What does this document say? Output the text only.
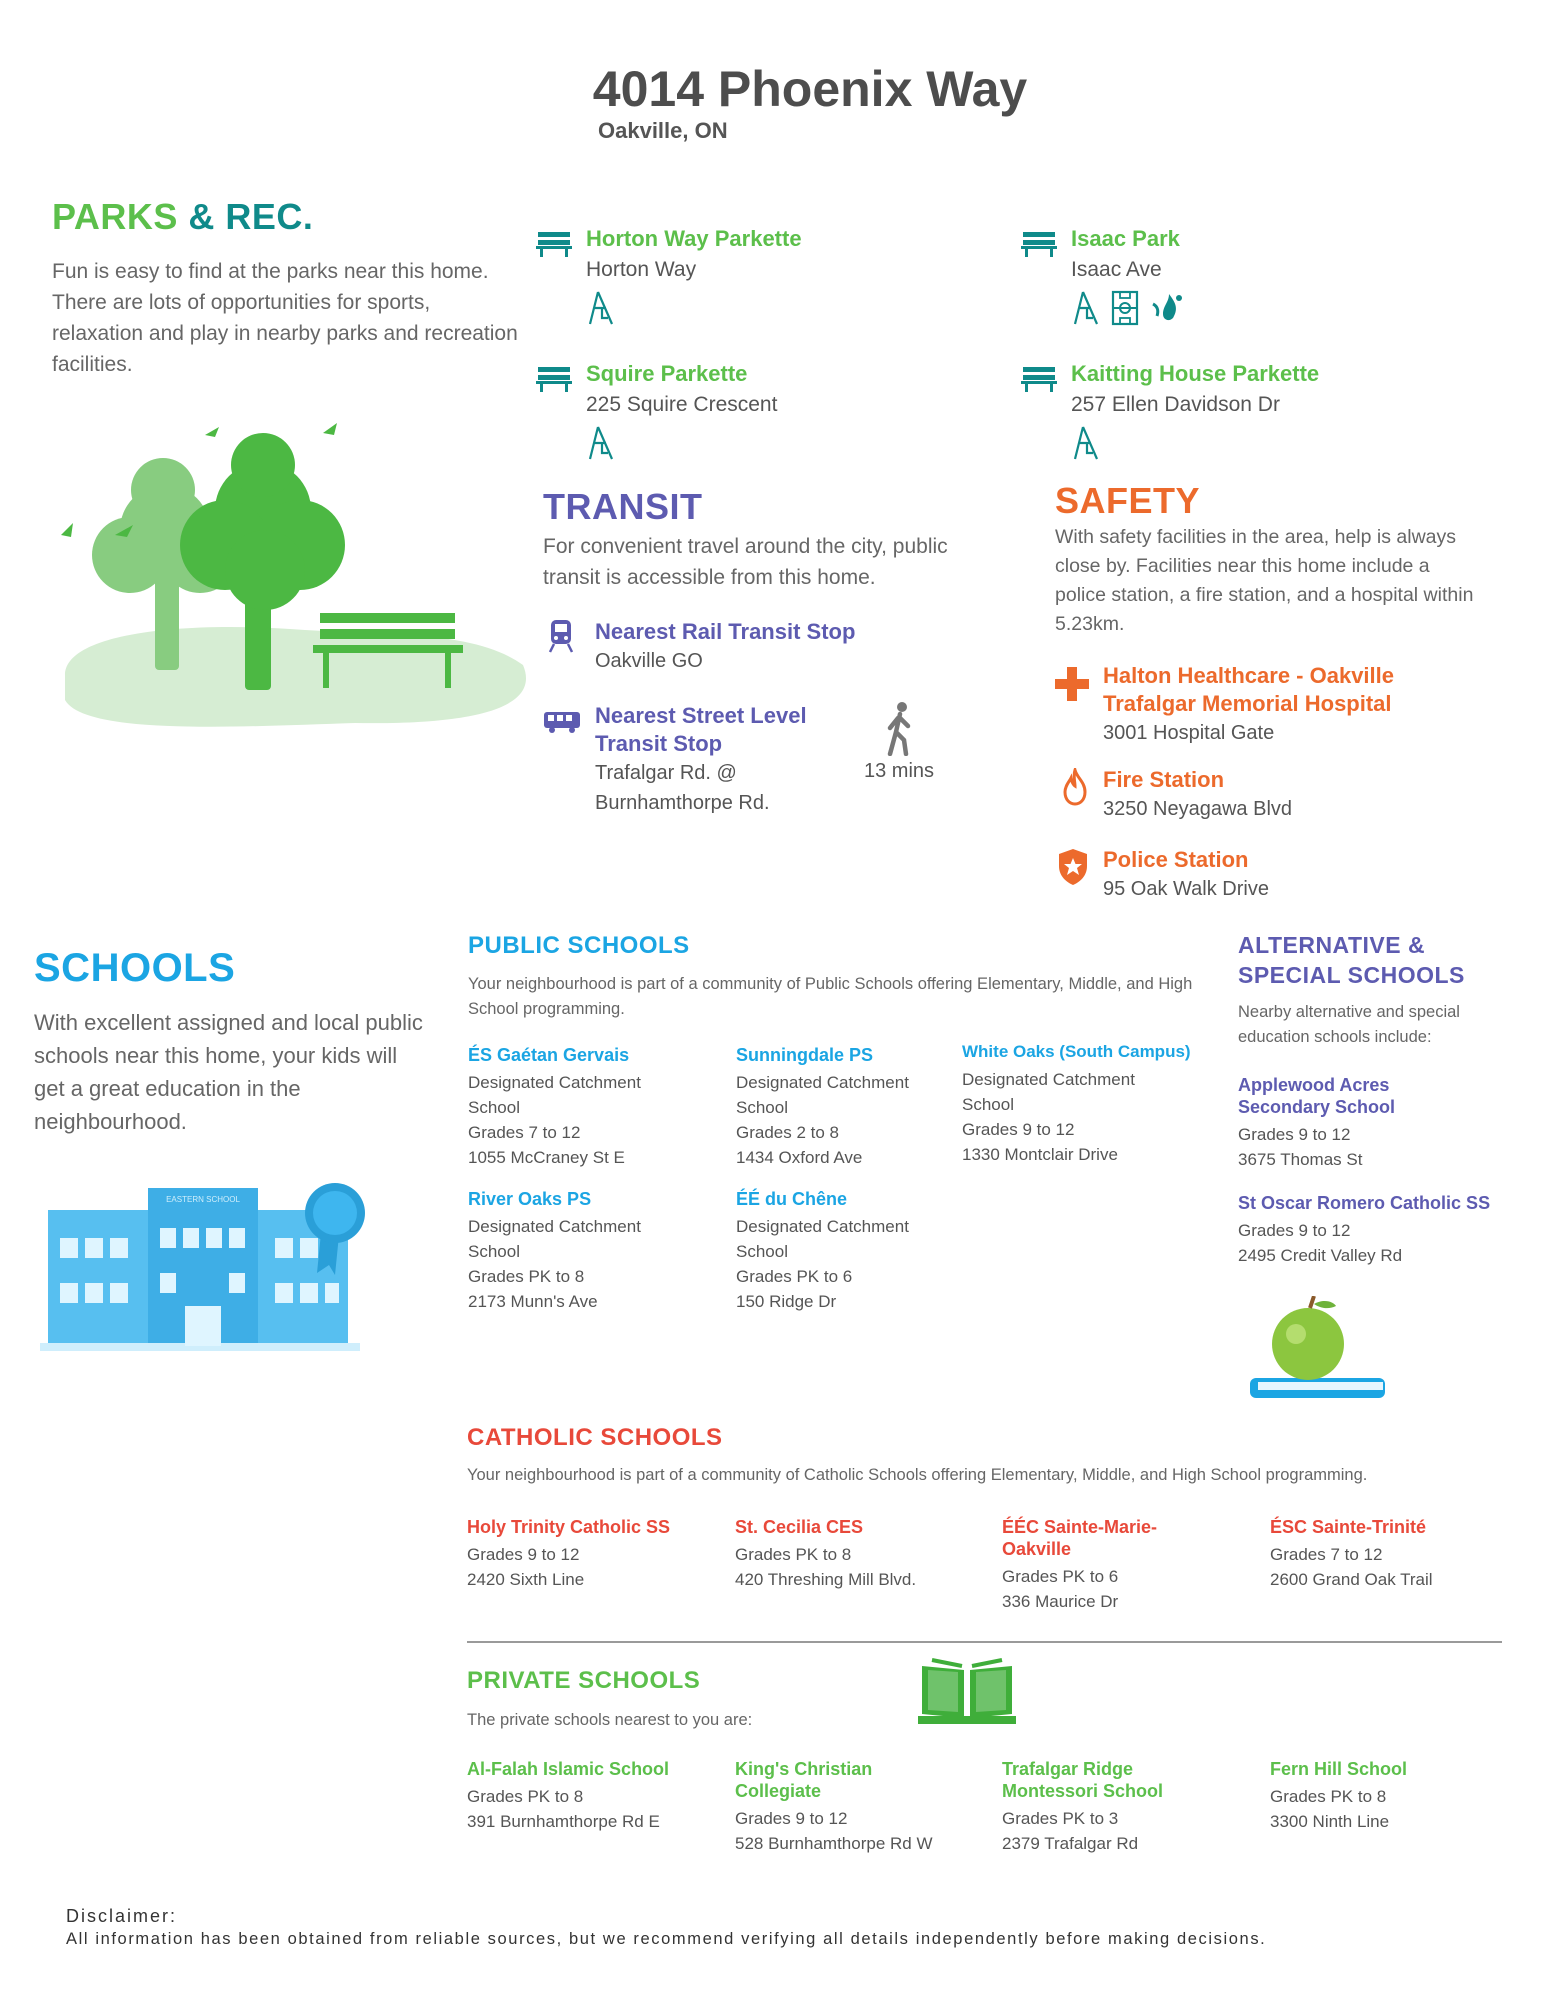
4014 Phoenix Way
Oakville, ON
PARKS & REC.
Fun is easy to find at the parks near this home. There are lots of opportunities for sports, relaxation and play in nearby parks and recreation facilities.
Horton Way Parkette
Horton Way
Isaac Park
Isaac Ave
Squire Parkette
225 Squire Crescent
Kaitting House Parkette
257 Ellen Davidson Dr
TRANSIT
For convenient travel around the city, public transit is accessible from this home.
Nearest Rail Transit Stop
Oakville GO
Nearest Street Level
Transit Stop
Trafalgar Rd. @
Burnhamthorpe Rd.
13 mins
SAFETY
With safety facilities in the area, help is always close by. Facilities near this home include a police station, a fire station, and a hospital within 5.23km.
Halton Healthcare - Oakville
Trafalgar Memorial Hospital
3001 Hospital Gate
Fire Station
3250 Neyagawa Blvd
Police Station
95 Oak Walk Drive
SCHOOLS
With excellent assigned and local public schools near this home, your kids will get a great education in the neighbourhood.
EASTERN SCHOOL
PUBLIC SCHOOLS
Your neighbourhood is part of a community of Public Schools offering Elementary, Middle, and High School programming.
ÉS Gaétan Gervais
Designated Catchment
School
Grades 7 to 12
1055 McCraney St E
Sunningdale PS
Designated Catchment
School
Grades 2 to 8
1434 Oxford Ave
White Oaks (South Campus)
Designated Catchment
School
Grades 9 to 12
1330 Montclair Drive
River Oaks PS
Designated Catchment
School
Grades PK to 8
2173 Munn's Ave
ÉÉ du Chêne
Designated Catchment
School
Grades PK to 6
150 Ridge Dr
ALTERNATIVE &
SPECIAL SCHOOLS
Nearby alternative and special education schools include:
Applewood Acres
Secondary School
Grades 9 to 12
3675 Thomas St
St Oscar Romero Catholic SS
Grades 9 to 12
2495 Credit Valley Rd
CATHOLIC SCHOOLS
Your neighbourhood is part of a community of Catholic Schools offering Elementary, Middle, and High School programming.
Holy Trinity Catholic SS
Grades 9 to 12
2420 Sixth Line
St. Cecilia CES
Grades PK to 8
420 Threshing Mill Blvd.
ÉÉC Sainte-Marie-
Oakville
Grades PK to 6
336 Maurice Dr
ÉSC Sainte-Trinité
Grades 7 to 12
2600 Grand Oak Trail
PRIVATE SCHOOLS
The private schools nearest to you are:
Al-Falah Islamic School
Grades PK to 8
391 Burnhamthorpe Rd E
King's Christian
Collegiate
Grades 9 to 12
528 Burnhamthorpe Rd W
Trafalgar Ridge
Montessori School
Grades PK to 3
2379 Trafalgar Rd
Fern Hill School
Grades PK to 8
3300 Ninth Line
Disclaimer:
All information has been obtained from reliable sources, but we recommend verifying all details independently before making decisions.
